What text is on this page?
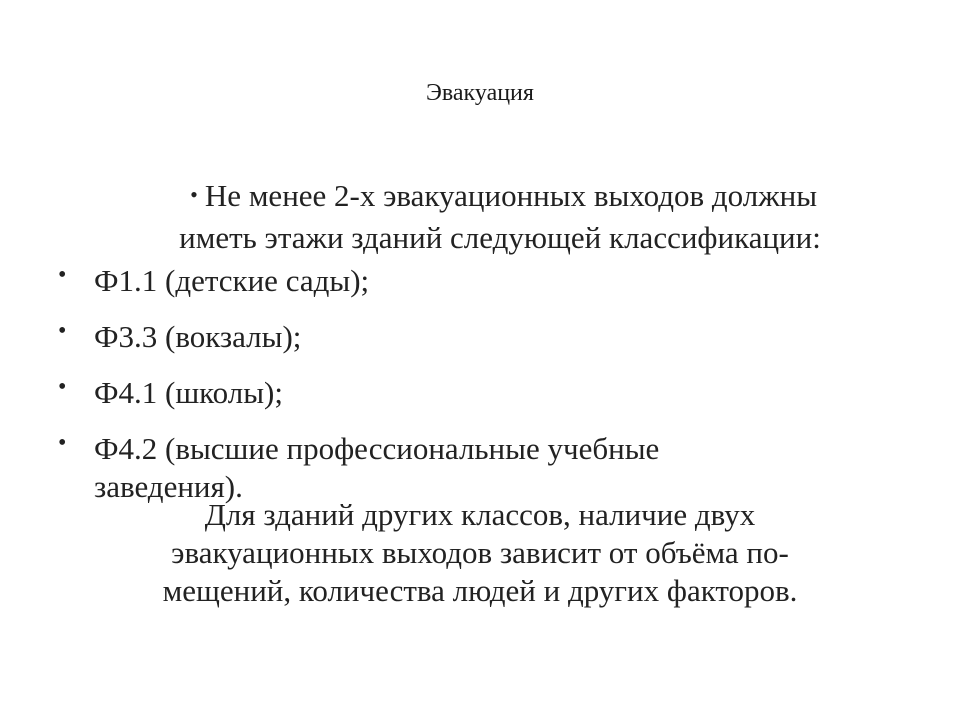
Эвакуация
• Не менее 2-х эвакуационных выходов должны
иметь этажи зданий следующей классификации:
• Ф1.1 (детские сады);
• Ф3.3 (вокзалы);
• Ф4.1 (школы);
• Ф4.2 (высшие профессиональные учебные
заведения).
Для зданий других классов, наличие двух
эвакуационных выходов зависит от объёма по-
мещений, количества людей и других факторов.
